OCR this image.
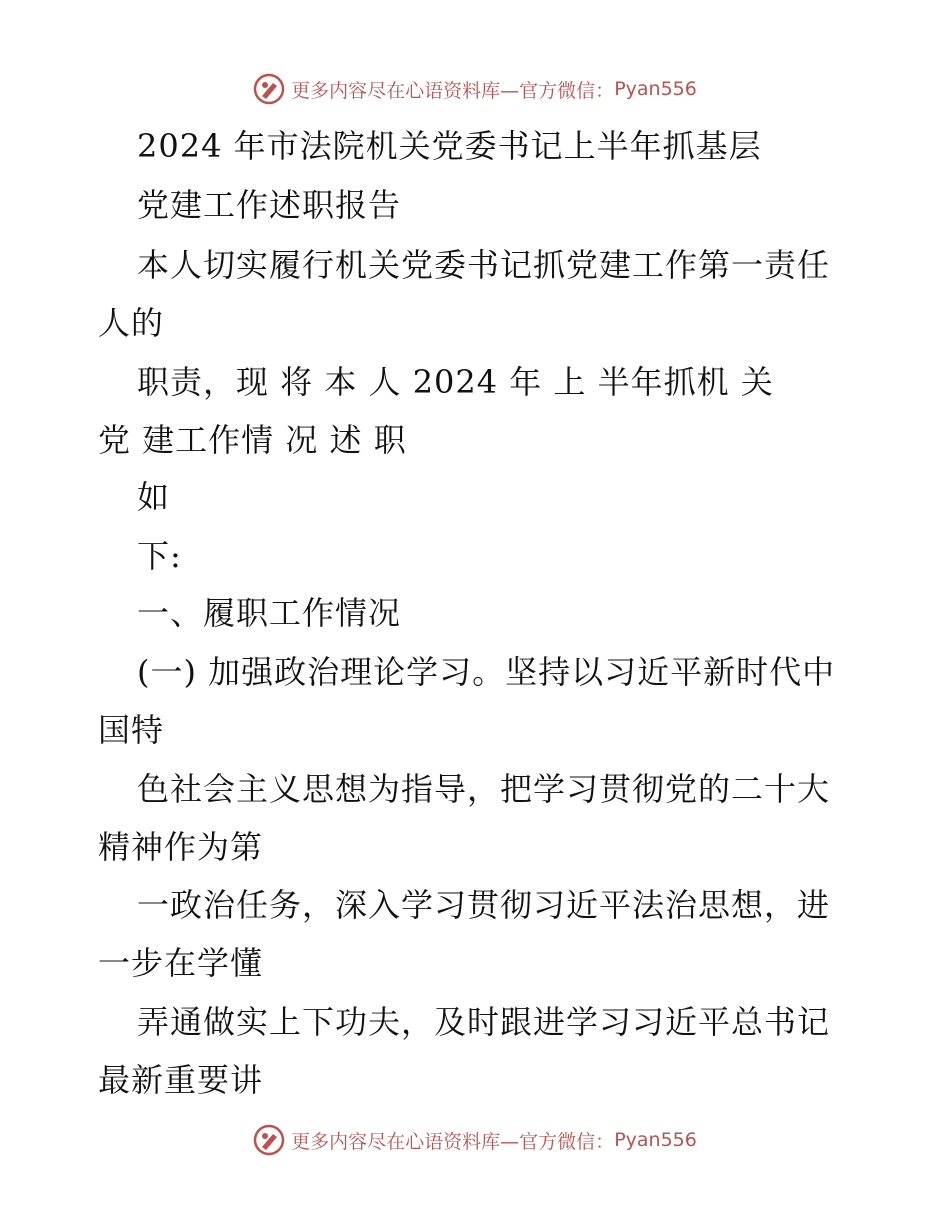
更多内容尽在心语资料库— 官方微信： Pyan556
2024 年市法院机关党委书记上半年抓基层
党建工作述职报告
本人切实履行机关党委书记抓党建工作第一责任
人的
职责，现 将 本 人 2024 年 上 半年抓机 关
党 建工作情 况 述 职
如
下:
一、履职工作情况
(一) 加强政治理论学习。坚持以习近平新时代中
国特
色社会主义思想为指导，把学习贯彻党的二十大
精神作为第
一政治任务，深入学习贯彻习近平法治思想，进
一步在学懂
弄通做实上下功夫，及时跟进学习习近平总书记
最新重要讲
更多内容尽在心语资料库— 官方微信： Pyan556
